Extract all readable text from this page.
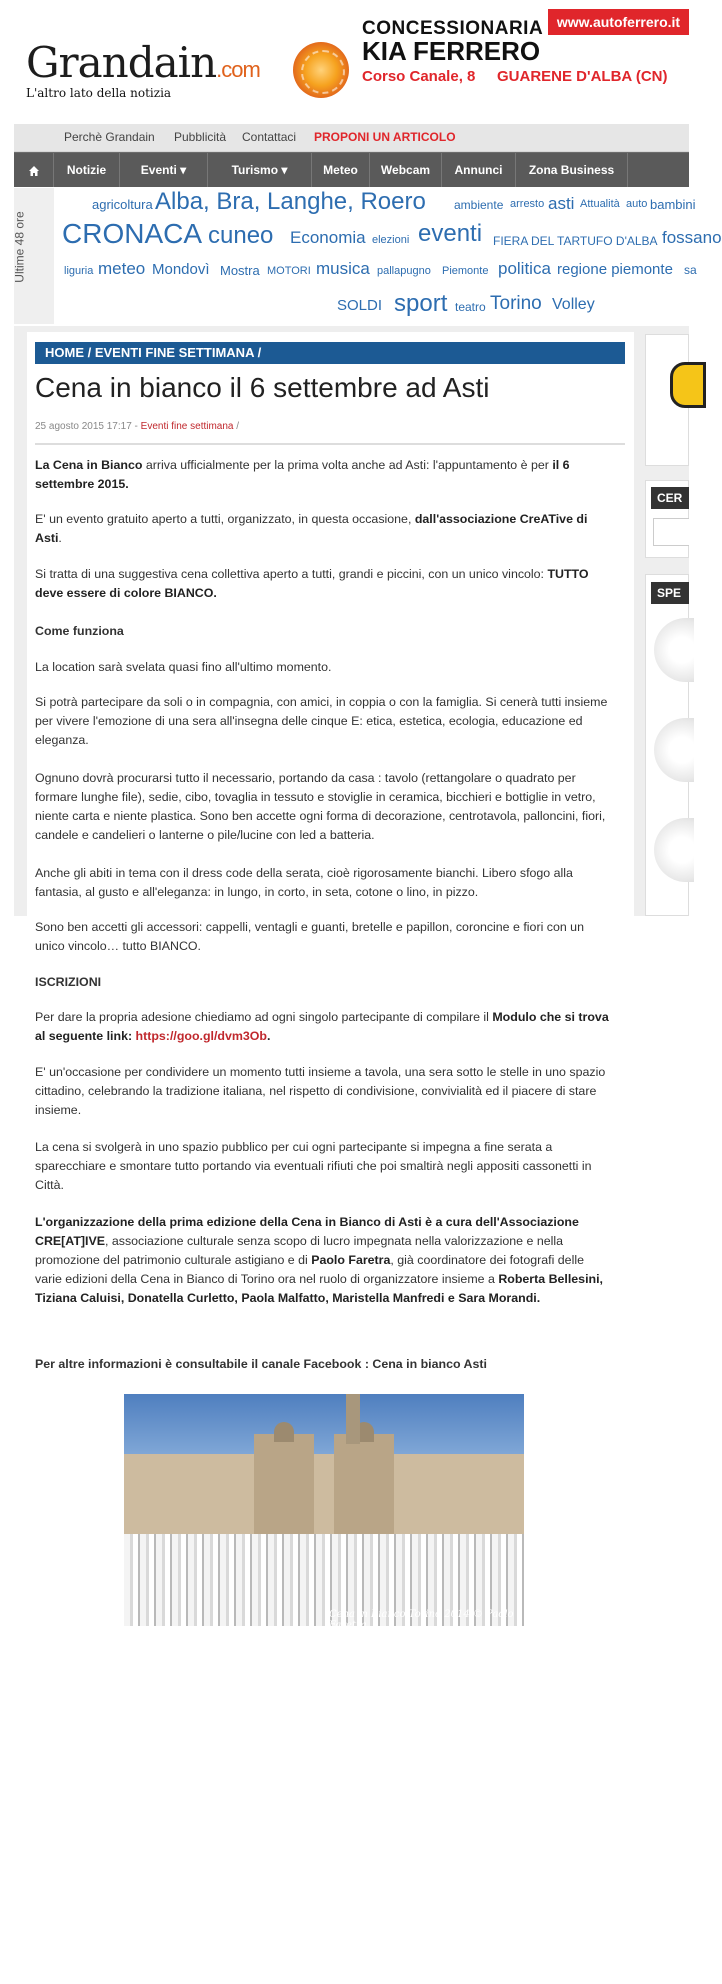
Grandain.com
L'altro lato della notizia
www.autoferrero.it
CONCESSIONARIA
KIA FERRERO
Corso Canale, 8 GUARENE D'ALBA (CN)
Perchè Grandain Pubblicità Contattaci PROPONI UN ARTICOLO
Notizie	Eventi ▾	Turismo ▾	Meteo	Webcam	Annunci	Zona Business
Ultime 48 ore
agricoltura Alba, Bra, Langhe, Roero ambiente arresto asti Attualità auto bambini
CRONACA cuneo Economia elezioni eventi FIERA DEL TARTUFO D'ALBA fossano
liguria meteo Mondovì Mostra MOTORI musica pallapugno Piemonte politica regione piemonte sa
SOLDI sport teatro Torino Volley
HOME / EVENTI FINE SETTIMANA /
Cena in bianco il 6 settembre ad Asti
25 agosto 2015 17:17 - Eventi fine settimana /
La Cena in Bianco arriva ufficialmente per la prima volta anche ad Asti: l'appuntamento è per il 6 settembre 2015.
E' un evento gratuito aperto a tutti, organizzato, in questa occasione, dall'associazione CreATive di Asti.
Si tratta di una suggestiva cena collettiva aperto a tutti, grandi e piccini, con un unico vincolo: TUTTO deve essere di colore BIANCO.
Come funziona
La location sarà svelata quasi fino all'ultimo momento.
Si potrà partecipare da soli o in compagnia, con amici, in coppia o con la famiglia. Si cenerà tutti insieme per vivere l'emozione di una sera all'insegna delle cinque E: etica, estetica, ecologia, educazione ed eleganza.
Ognuno dovrà procurarsi tutto il necessario, portando da casa : tavolo (rettangolare o quadrato per formare lunghe file), sedie, cibo, tovaglia in tessuto e stoviglie in ceramica, bicchieri e bottiglie in vetro, niente carta e niente plastica. Sono ben accette ogni forma di decorazione, centrotavola, palloncini, fiori, candele e candelieri o lanterne o pile/lucine con led a batteria.
Anche gli abiti in tema con il dress code della serata, cioè rigorosamente bianchi. Libero sfogo alla fantasia, al gusto e all'eleganza: in lungo, in corto, in seta, cotone o lino, in pizzo.
Sono ben accetti gli accessori: cappelli, ventagli e guanti, bretelle e papillon, coroncine e fiori con un unico vincolo… tutto BIANCO.
ISCRIZIONI
Per dare la propria adesione chiediamo ad ogni singolo partecipante di compilare il Modulo che si trova al seguente link: https://goo.gl/dvm3Ob.
E' un'occasione per condividere un momento tutti insieme a tavola, una sera sotto le stelle in uno spazio cittadino, celebrando la tradizione italiana, nel rispetto di condivisione, convivialità ed il piacere di stare insieme.
La cena si svolgerà in uno spazio pubblico per cui ogni partecipante si impegna a fine serata a sparecchiare e smontare tutto portando via eventuali rifiuti che poi smaltirà negli appositi cassonetti in Città.
L'organizzazione della prima edizione della Cena in Bianco di Asti è a cura dell'Associazione CRE[AT]IVE, associazione culturale senza scopo di lucro impegnata nella valorizzazione e nella promozione del patrimonio culturale astigiano e di Paolo Faretra, già coordinatore dei fotografi delle varie edizioni della Cena in Bianco di Torino ora nel ruolo di organizzatore insieme a Roberta Bellesini, Tiziana Caluisi, Donatella Curletto, Paola Malfatto, Maristella Manfredi e Sara Morandi.
Per altre informazioni è consultabile il canale Facebook : Cena in bianco Asti
Cena in Bianco Torino 2014 © Paolo Faretra
CER
SPE
